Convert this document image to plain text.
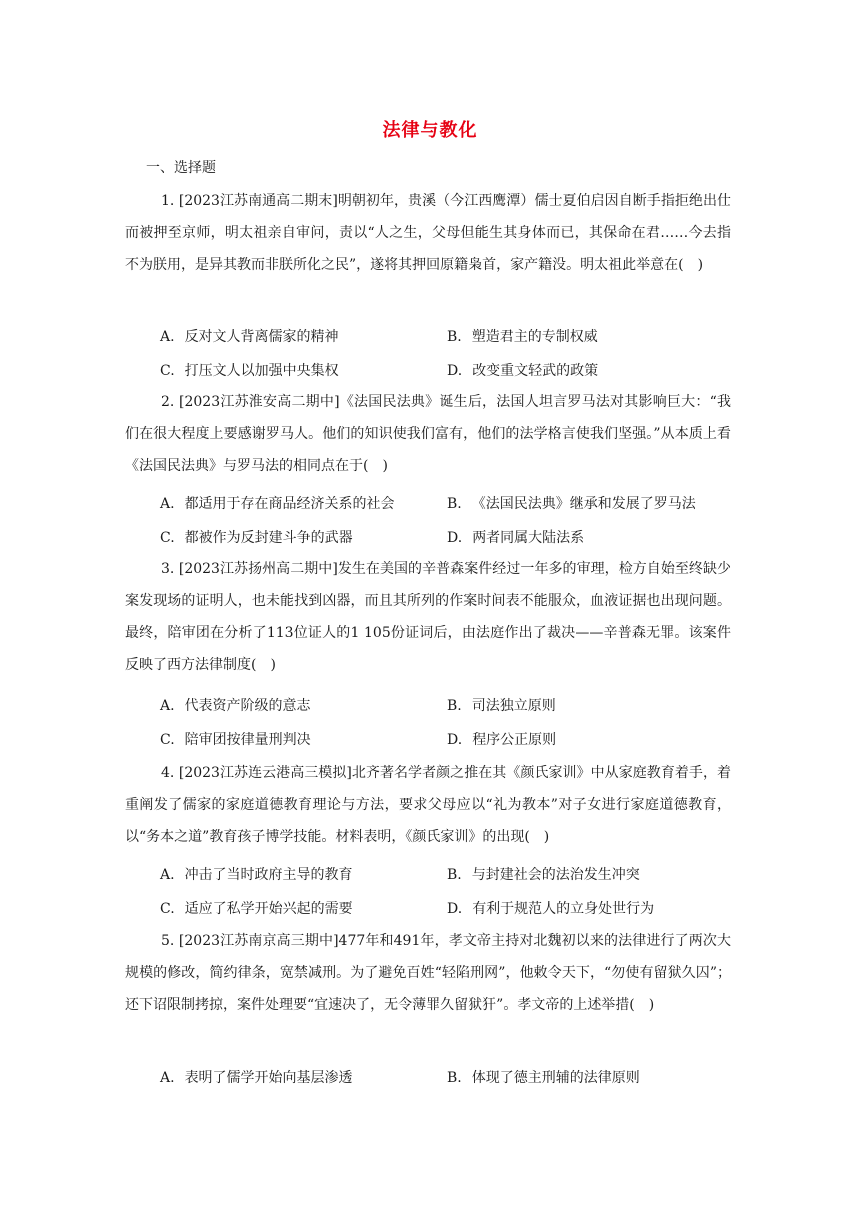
法律与教化
一、选择题
1. [2023江苏南通高二期末]明朝初年，贵溪（今江西鹰潭）儒士夏伯启因自断手指拒绝出仕而被押至京师，明太祖亲自审问，责以“人之生，父母但能生其身体而已，其保命在君……今去指不为朕用，是异其教而非朕所化之民”，遂将其押回原籍枭首，家产籍没。明太祖此举意在(　)
A. 反对文人背离儒家的精神	B. 塑造君主的专制权威
C. 打压文人以加强中央集权	D. 改变重文轻武的政策
2. [2023江苏淮安高二期中]《法国民法典》诞生后，法国人坦言罗马法对其影响巨大：“我们在很大程度上要感谢罗马人。他们的知识使我们富有，他们的法学格言使我们坚强。”从本质上看《法国民法典》与罗马法的相同点在于(　)
A. 都适用于存在商品经济关系的社会	B. 《法国民法典》继承和发展了罗马法
C. 都被作为反封建斗争的武器	D. 两者同属大陆法系
3. [2023江苏扬州高二期中]发生在美国的辛普森案件经过一年多的审理，检方自始至终缺少案发现场的证明人，也未能找到凶器，而且其所列的作案时间表不能服众，血液证据也出现问题。最终，陪审团在分析了113位证人的1 105份证词后，由法庭作出了裁决——辛普森无罪。该案件反映了西方法律制度(　)
A. 代表资产阶级的意志	B. 司法独立原则
C. 陪审团按律量刑判决	D. 程序公正原则
4. [2023江苏连云港高三模拟]北齐著名学者颜之推在其《颜氏家训》中从家庭教育着手，着重阐发了儒家的家庭道德教育理论与方法，要求父母应以“礼为教本”对子女进行家庭道德教育，以“务本之道”教育孩子博学技能。材料表明，《颜氏家训》的出现(　)
A. 冲击了当时政府主导的教育	B. 与封建社会的法治发生冲突
C. 适应了私学开始兴起的需要	D. 有利于规范人的立身处世行为
5. [2023江苏南京高三期中]477年和491年，孝文帝主持对北魏初以来的法律进行了两次大规模的修改，简约律条，宽禁减刑。为了避免百姓“轻陷刑网”，他敕令天下，“勿使有留狱久囚”；还下诏限制拷掠，案件处理要“宜速决了，无令薄罪久留狱犴”。孝文帝的上述举措(　)
A. 表明了儒学开始向基层渗透	B. 体现了德主刑辅的法律原则
